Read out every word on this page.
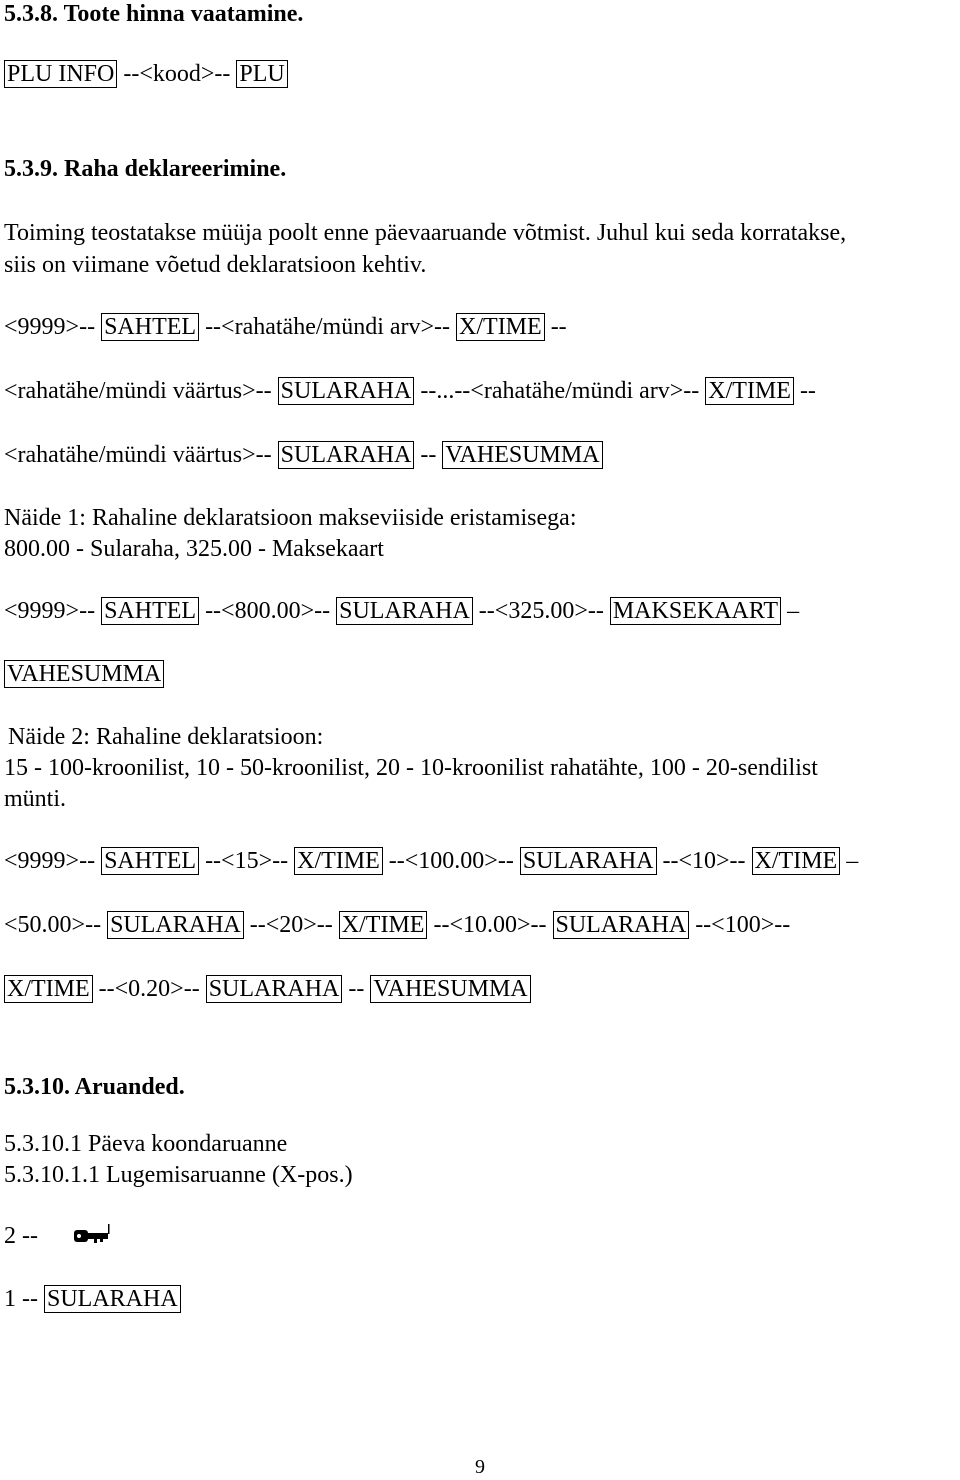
5.3.8. Toote hinna vaatamine.
PLU INFO --<kood>-- PLU
5.3.9. Raha deklareerimine.
Toiming teostatakse müüja poolt enne päevaaruande võtmist. Juhul kui seda korratakse,
siis on viimane võetud deklaratsioon kehtiv.
<9999>-- SAHTEL --<rahatähe/mündi arv>-- X/TIME --
<rahatähe/mündi väärtus>-- SULARAHA --...--<rahatähe/mündi arv>-- X/TIME --
<rahatähe/mündi väärtus>-- SULARAHA -- VAHESUMMA
Näide 1: Rahaline deklaratsioon makseviiside eristamisega:
800.00 - Sularaha, 325.00 - Maksekaart
<9999>-- SAHTEL --<800.00>-- SULARAHA --<325.00>-- MAKSEKAART –
VAHESUMMA
Näide 2: Rahaline deklaratsioon:
15 - 100-kroonilist, 10 - 50-kroonilist, 20 - 10-kroonilist rahatähte, 100 - 20-sendilist
münti.
<9999>-- SAHTEL --<15>-- X/TIME --<100.00>-- SULARAHA --<10>-- X/TIME –
<50.00>-- SULARAHA --<20>-- X/TIME --<10.00>-- SULARAHA --<100>--
X/TIME --<0.20>-- SULARAHA -- VAHESUMMA
5.3.10. Aruanded.
5.3.10.1 Päeva koondaruanne
5.3.10.1.1 Lugemisaruanne (X-pos.)
2 --
1 -- SULARAHA
9
